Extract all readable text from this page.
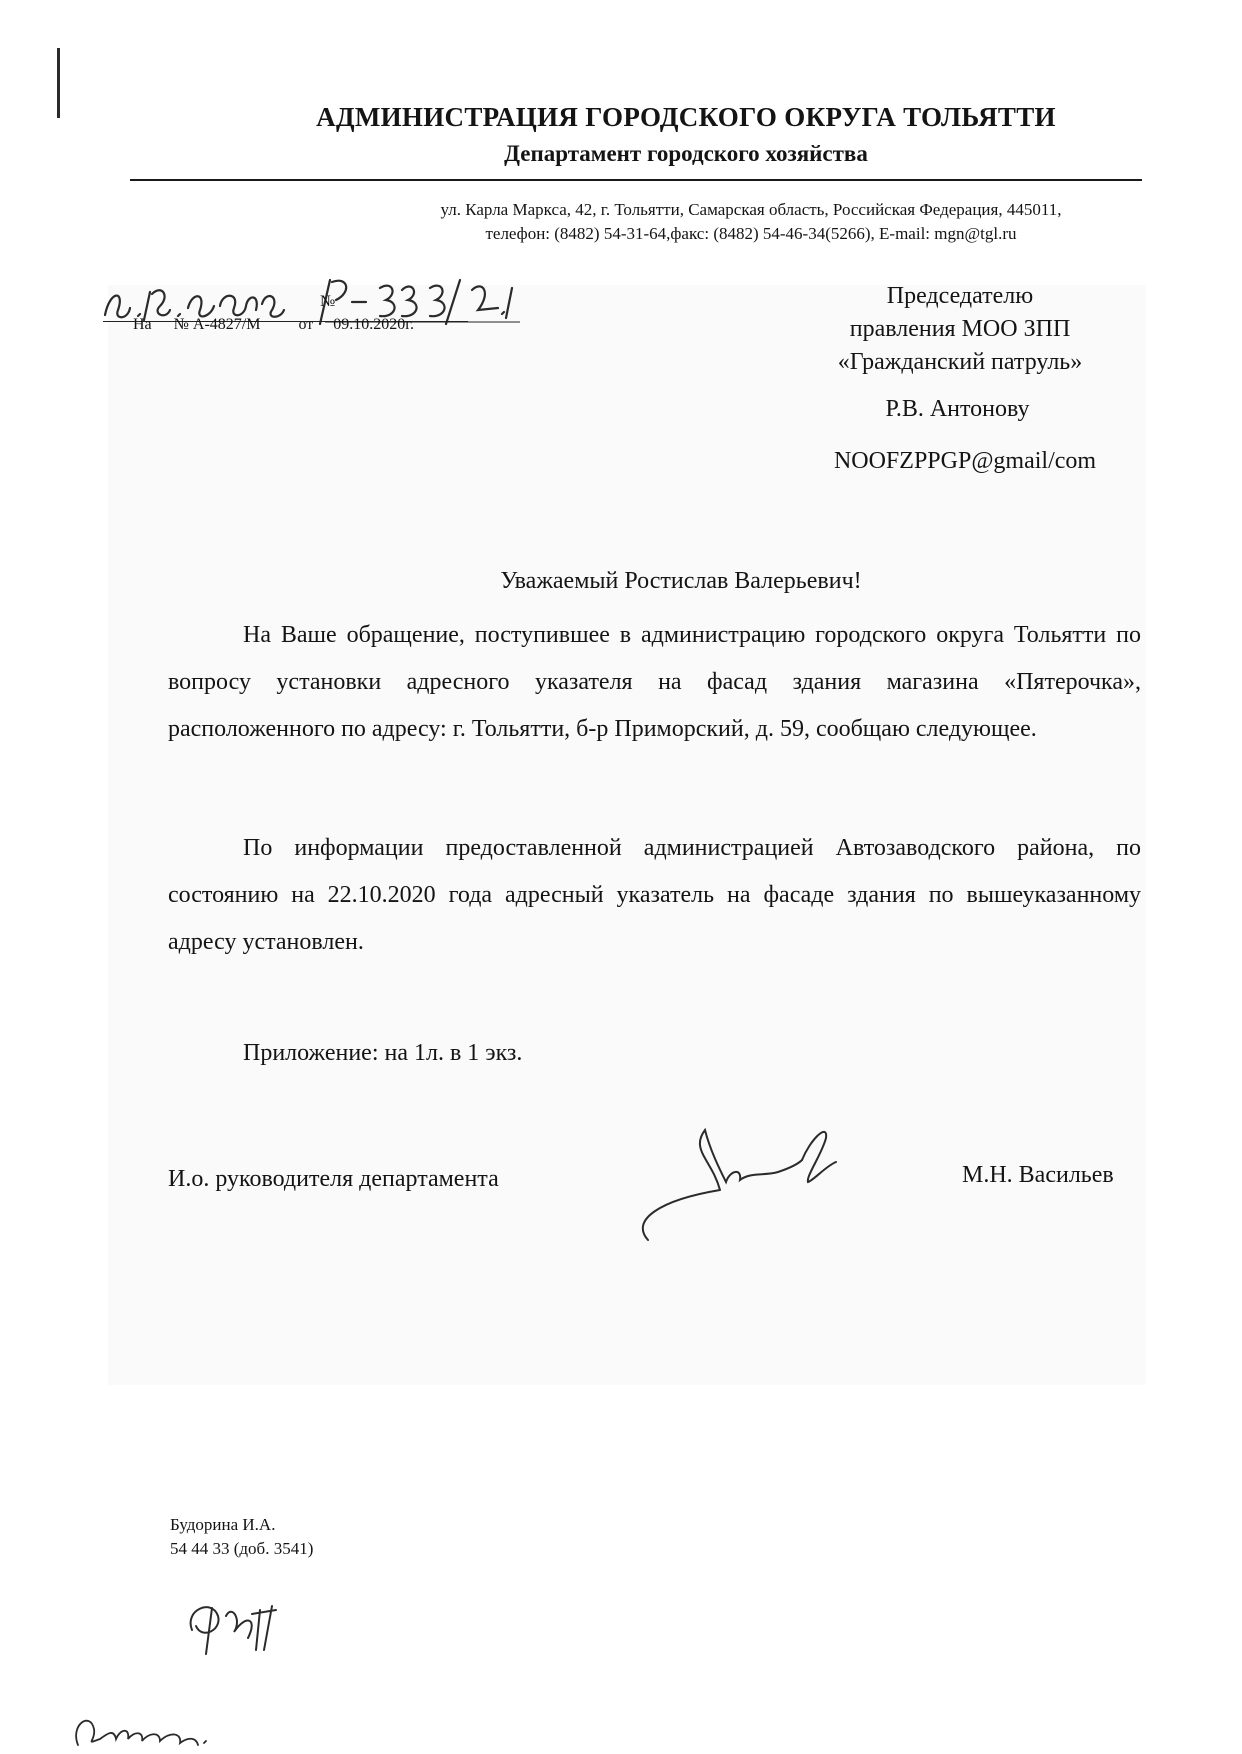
АДМИНИСТРАЦИЯ ГОРОДСКОГО ОКРУГА ТОЛЬЯТТИ
Департамент городского хозяйства
ул. Карла Маркса, 42, г. Тольятти, Самарская область, Российская Федерация, 445011,
телефон: (8482) 54-31-64,факс: (8482) 54-46-34(5266), E-mail: mgn@tgl.ru
№
На № А-4827/М от 09.10.2020г.
Председателю
правления МОО ЗПП
«Гражданский патруль»
Р.В. Антонову
NOOFZPPGP@gmail/com
Уважаемый Ростислав Валерьевич!
На Ваше обращение, поступившее в администрацию городского округа Тольятти по вопросу установки адресного указателя на фасад здания магазина «Пятерочка», расположенного по адресу: г. Тольятти, б-р Приморский, д. 59, сообщаю следующее.
По информации предоставленной администрацией Автозаводского района, по состоянию на 22.10.2020 года адресный указатель на фасаде здания по вышеуказанному адресу установлен.
Приложение: на 1л. в 1 экз.
И.о. руководителя департамента	М.Н. Васильев
Будорина И.А.
54 44 33 (доб. 3541)
